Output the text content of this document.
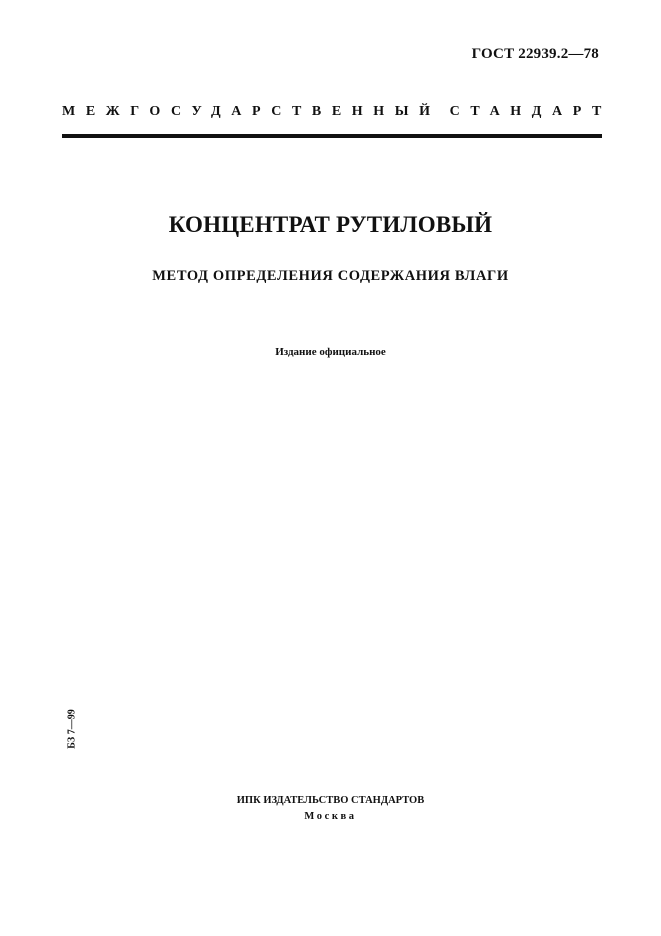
ГОСТ 22939.2—78
МЕЖГОСУДАРСТВЕННЫЙ СТАНДАРТ
КОНЦЕНТРАТ РУТИЛОВЫЙ
МЕТОД ОПРЕДЕЛЕНИЯ СОДЕРЖАНИЯ ВЛАГИ
Издание официальное
БЗ 7—99
ИПК ИЗДАТЕЛЬСТВО СТАНДАРТОВ
Москва
